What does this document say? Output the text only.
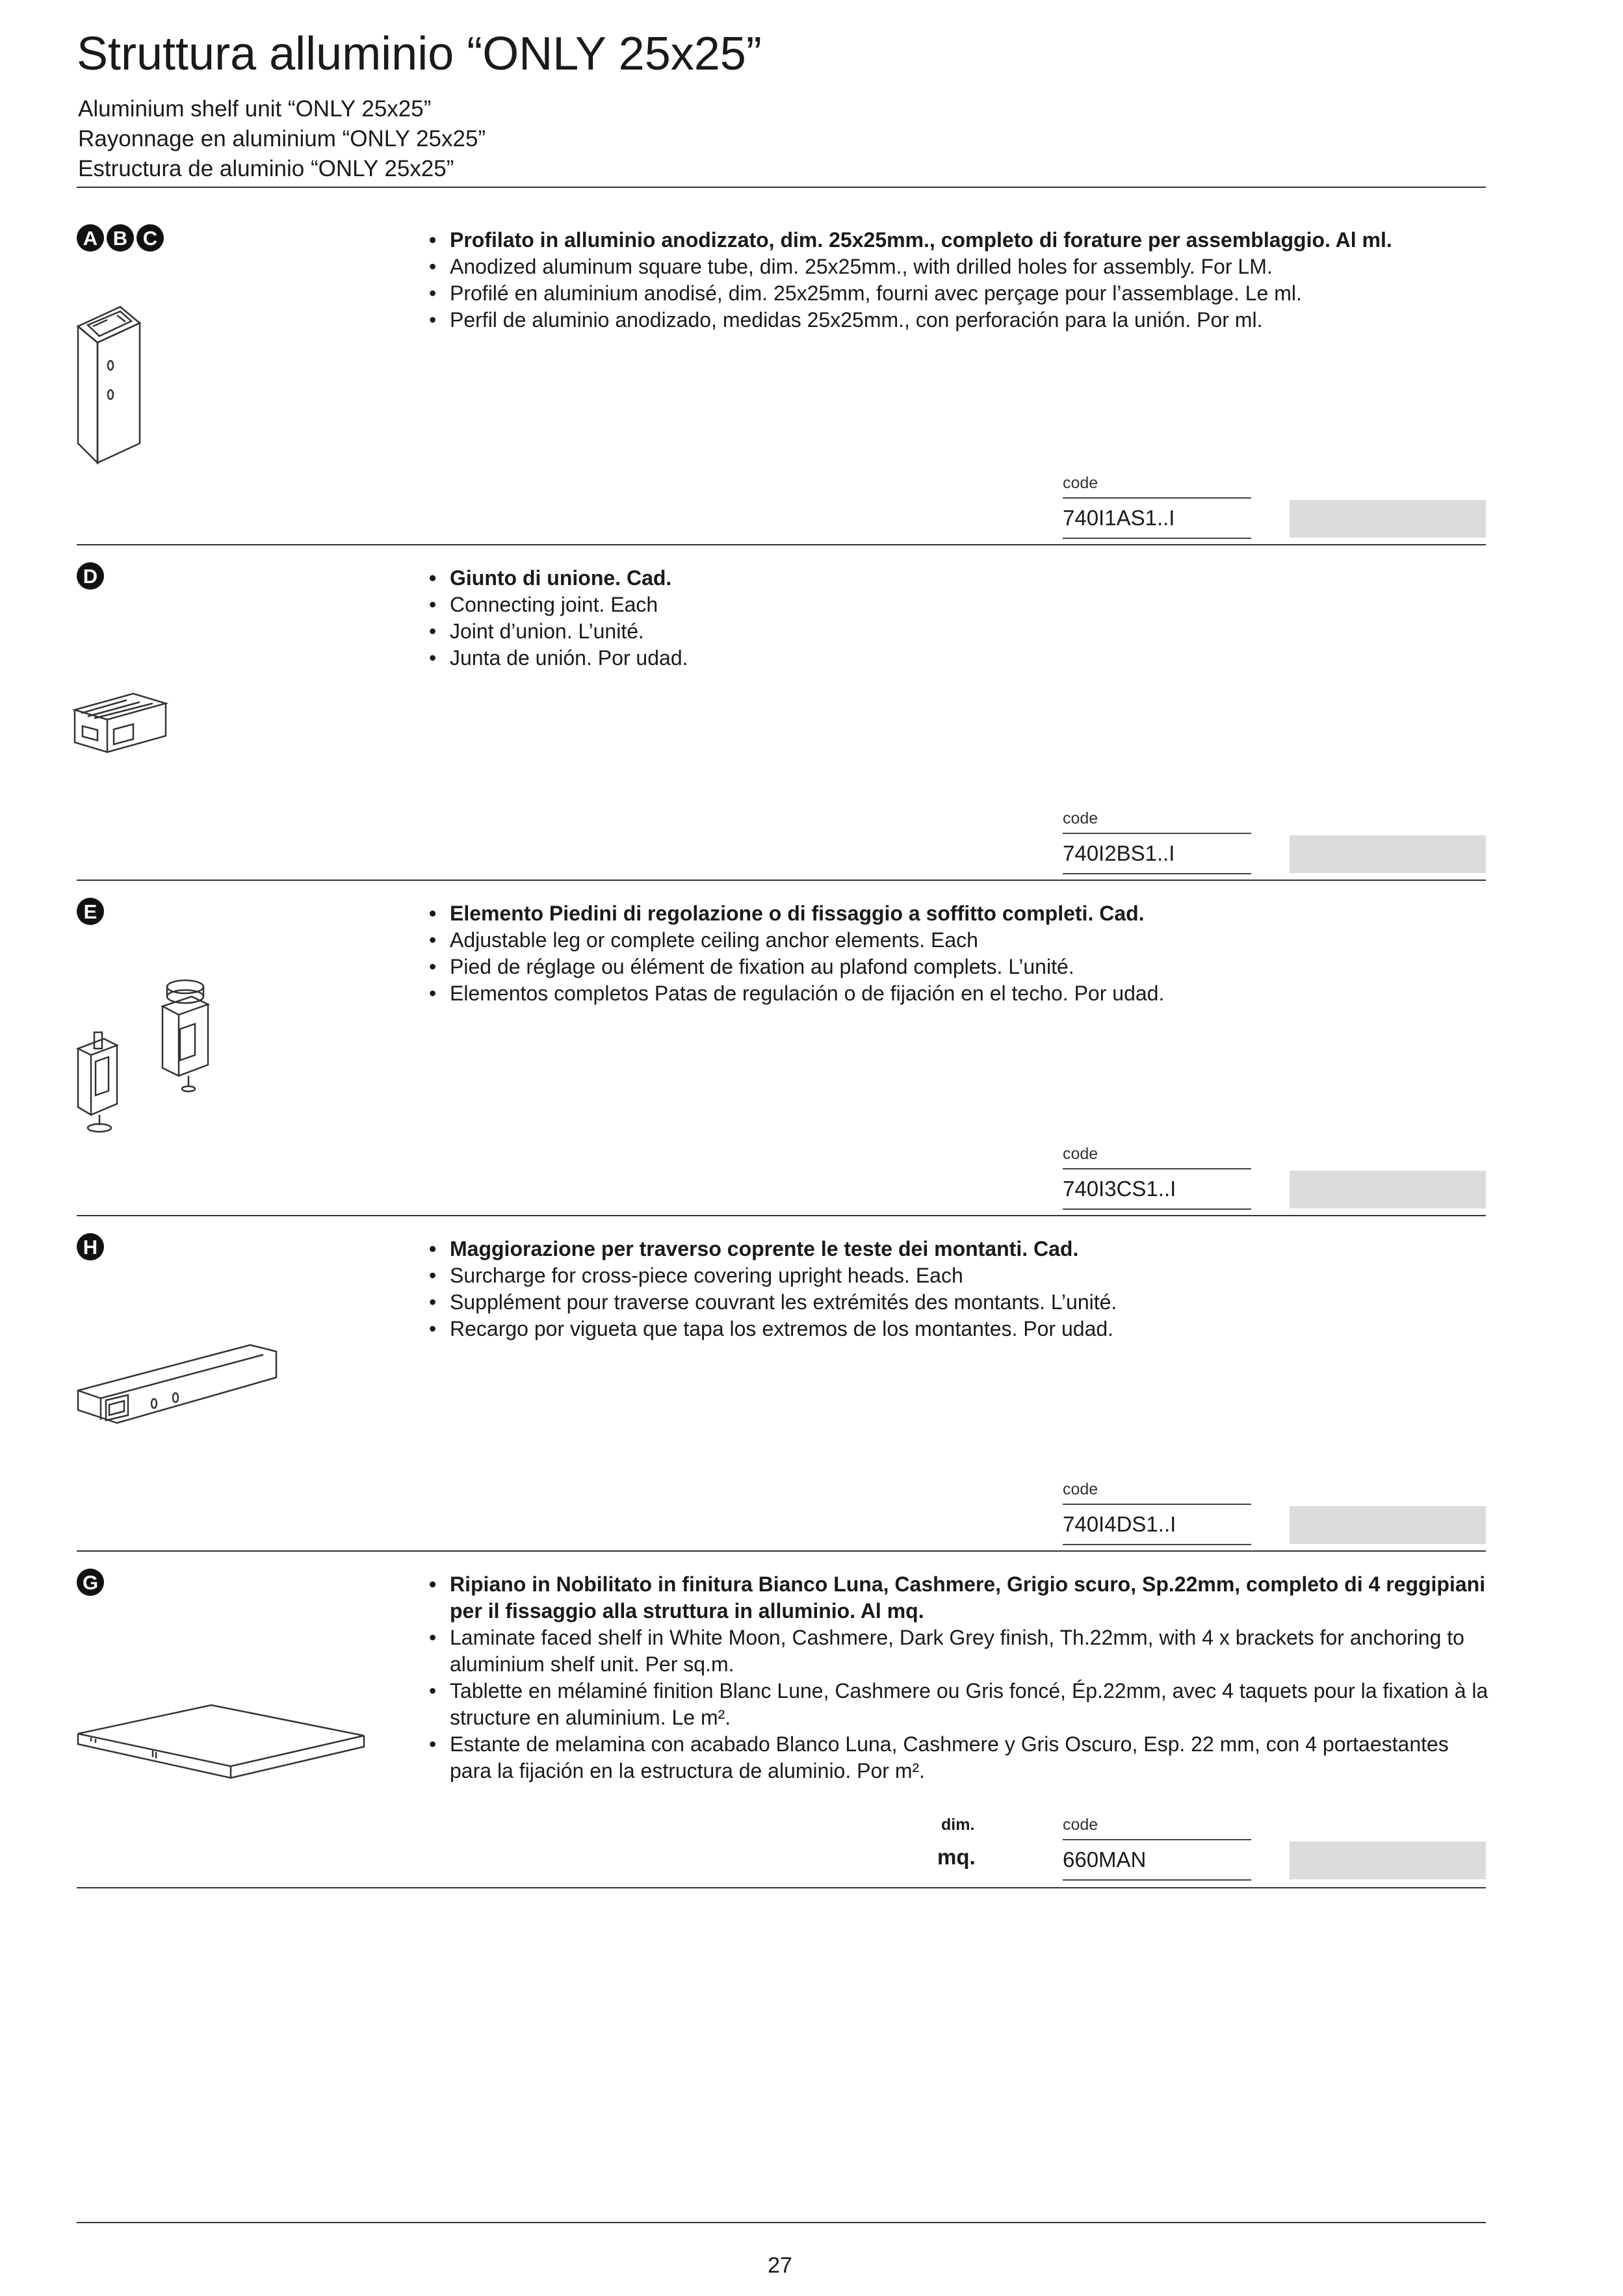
Struttura alluminio “ONLY 25x25”
Aluminium shelf unit “ONLY 25x25”
Rayonnage en aluminium “ONLY 25x25”
Estructura de aluminio “ONLY 25x25”
A B C	• Profilato in alluminio anodizzato, dim. 25x25mm., completo di forature per assemblaggio. Al ml.
• Anodized aluminum square tube, dim. 25x25mm., with drilled holes for assembly. For LM.
• Profilé en aluminium anodisé, dim. 25x25mm, fourni avec perçage pour l’assemblage. Le ml.
• Perfil de aluminio anodizado, medidas 25x25mm., con perforación para la unión. Por ml.
code
740I1AS1..I
D	• Giunto di unione. Cad.
• Connecting joint. Each
• Joint d’union. L’unité.
• Junta de unión. Por udad.
code
740I2BS1..I
E	• Elemento Piedini di regolazione o di fissaggio a soffitto completi. Cad.
• Adjustable leg or complete ceiling anchor elements. Each
• Pied de réglage ou élément de fixation au plafond complets. L’unité.
• Elementos completos Patas de regulación o de fijación en el techo. Por udad.
code
740I3CS1..I
H	• Maggiorazione per traverso coprente le teste dei montanti. Cad.
• Surcharge for cross-piece covering upright heads. Each
• Supplément pour traverse couvrant les extrémités des montants. L’unité.
• Recargo por vigueta que tapa los extremos de los montantes. Por udad.
code
740I4DS1..I
G	• Ripiano in Nobilitato in finitura Bianco Luna, Cashmere, Grigio scuro, Sp.22mm, completo di 4 reggipiani per il fissaggio alla struttura in alluminio. Al mq.
• Laminate faced shelf in White Moon, Cashmere, Dark Grey finish, Th.22mm, with 4 x brackets for anchoring to aluminium shelf unit. Per sq.m.
• Tablette en mélaminé finition Blanc Lune, Cashmere ou Gris foncé, Ép.22mm, avec 4 taquets pour la fixation à la structure en aluminium. Le m².
• Estante de melamina con acabado Blanco Luna, Cashmere y Gris Oscuro, Esp. 22 mm, con 4 portaestantes para la fijación en la estructura de aluminio. Por m².
dim.
mq.
code
660MAN
27
